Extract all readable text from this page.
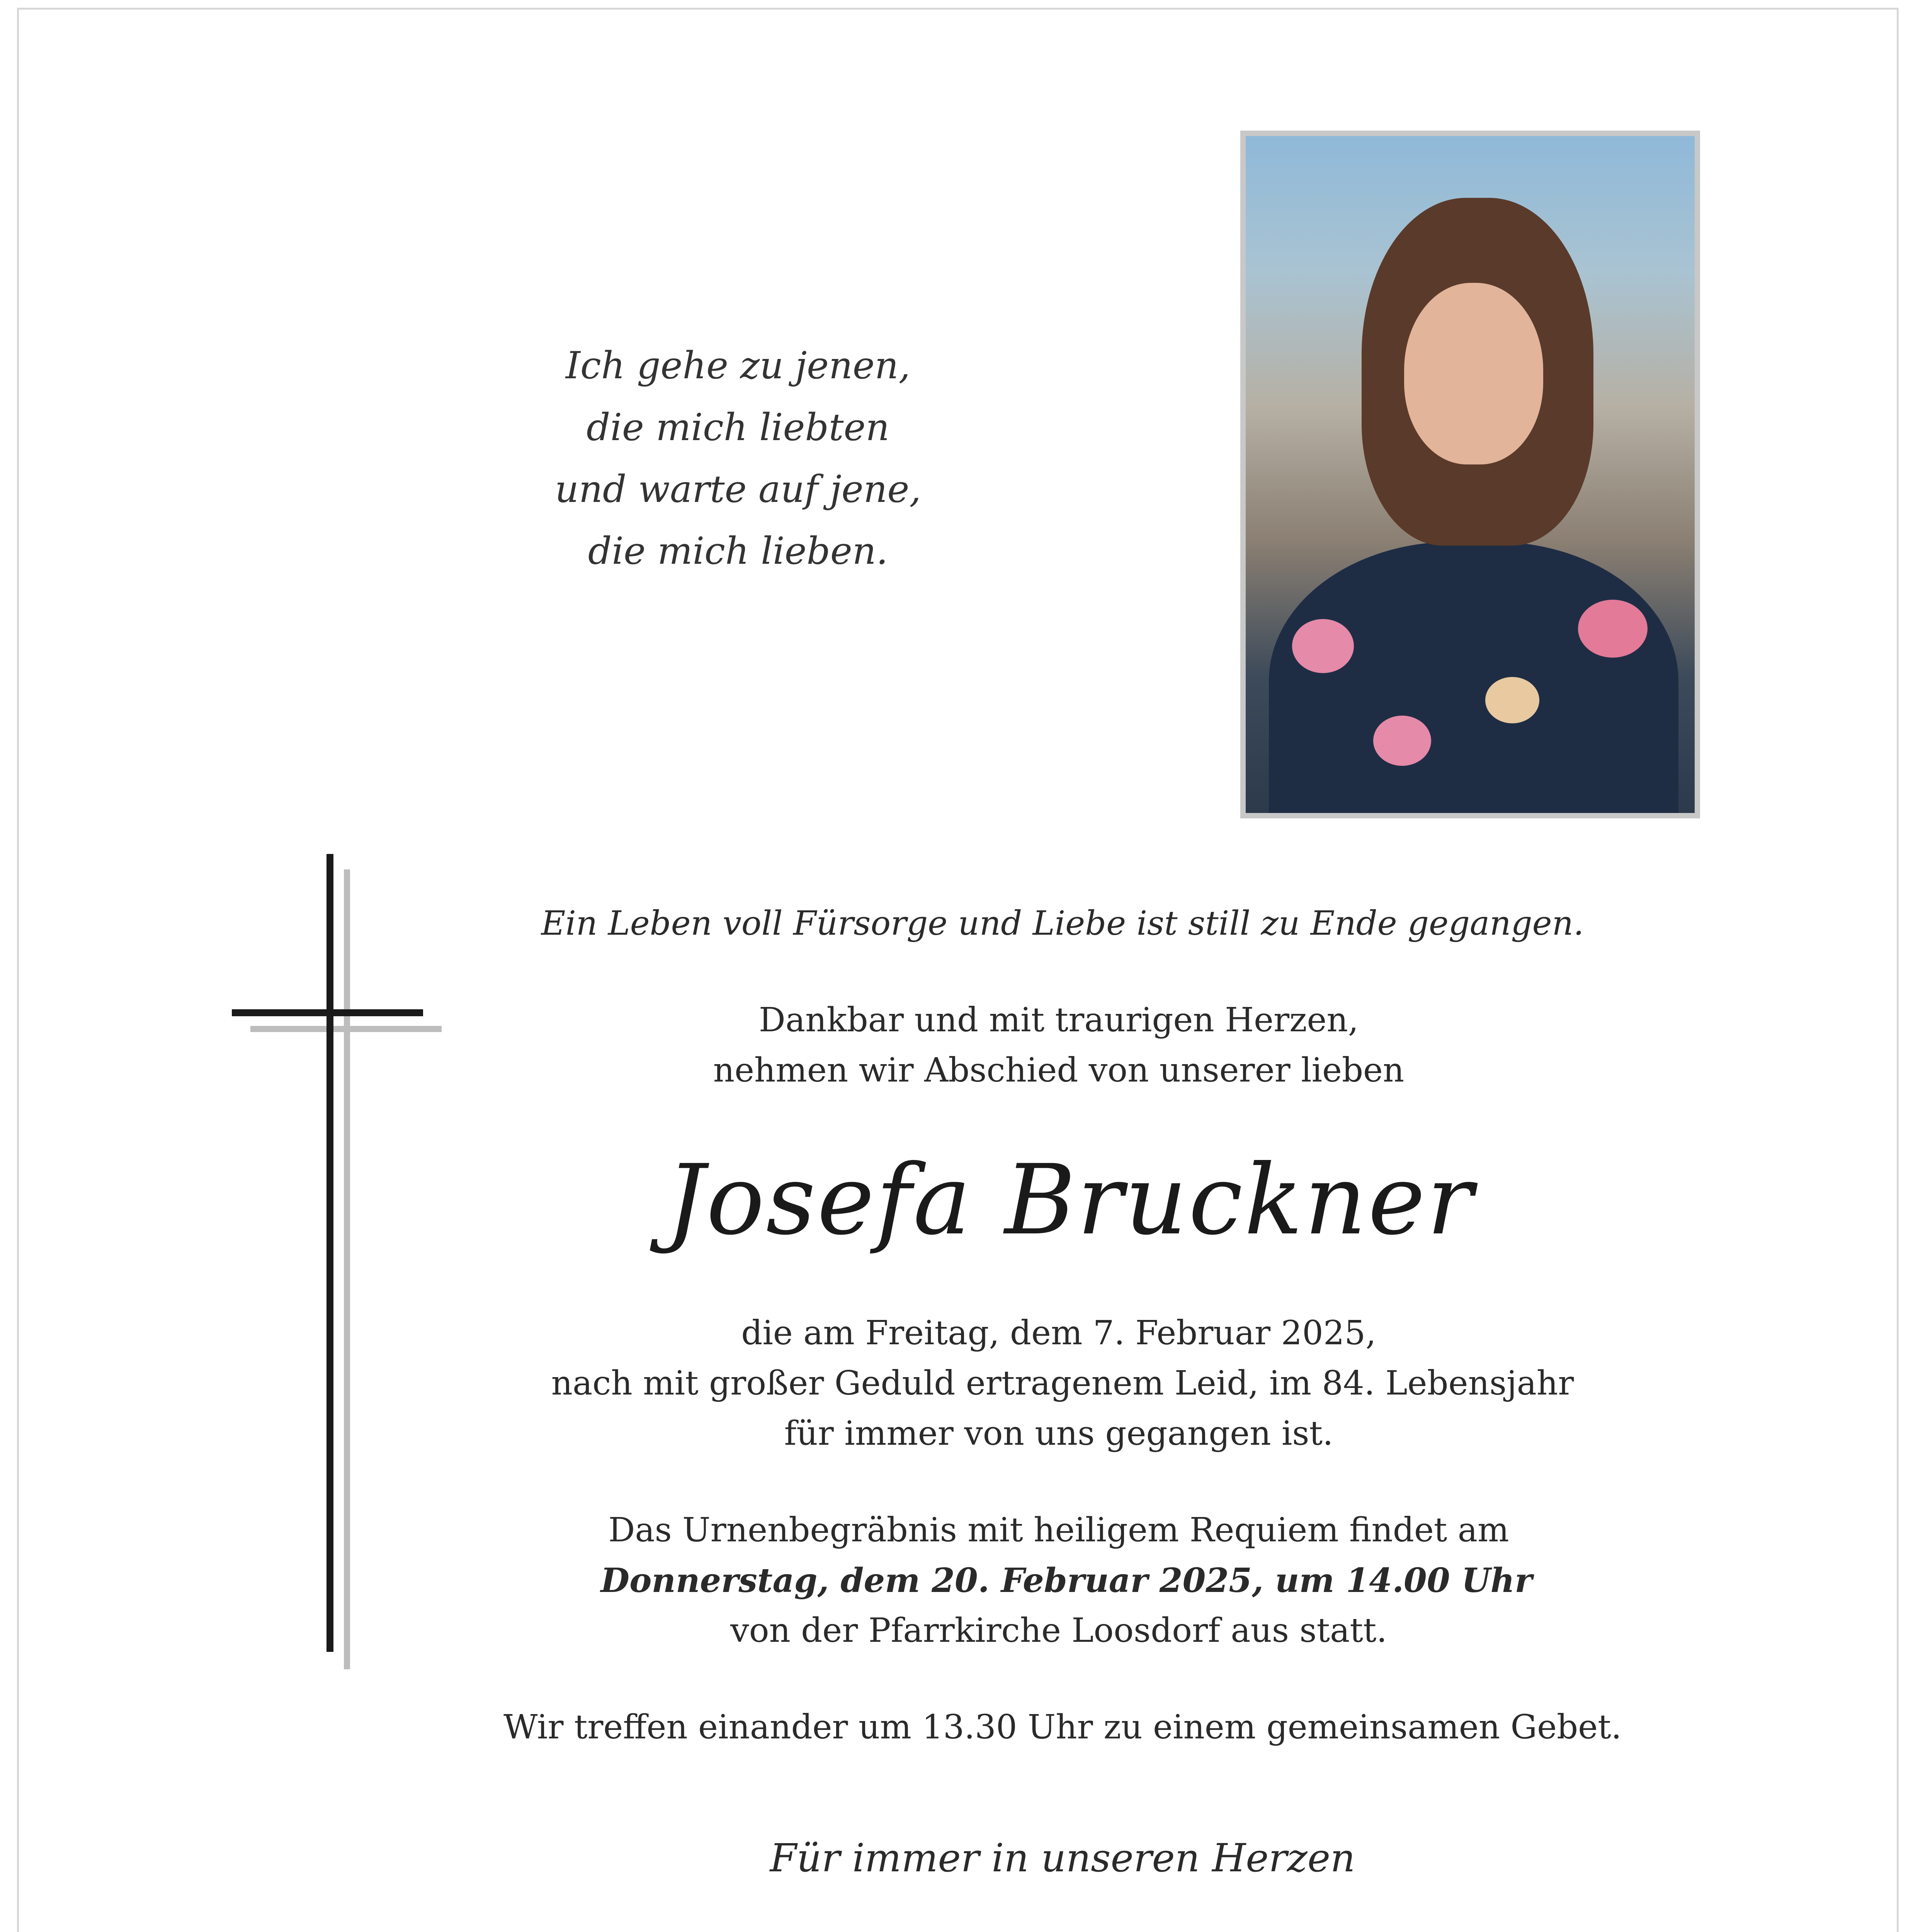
Ich gehe zu jenen,
die mich liebten
und warte auf jene,
die mich lieben.
Ein Leben voll Fürsorge und Liebe ist still zu Ende gegangen.
Dankbar und mit traurigen Herzen,
nehmen wir Abschied von unserer lieben
Josefa Bruckner
die am Freitag, dem 7. Februar 2025,
nach mit großer Geduld ertragenem Leid, im 84. Lebensjahr
für immer von uns gegangen ist.
Das Urnenbegräbnis mit heiligem Requiem findet am
Donnerstag, dem 20. Februar 2025, um 14.00 Uhr
von der Pfarrkirche Loosdorf aus statt.
Wir treffen einander um 13.30 Uhr zu einem gemeinsamen Gebet.
Für immer in unseren Herzen
